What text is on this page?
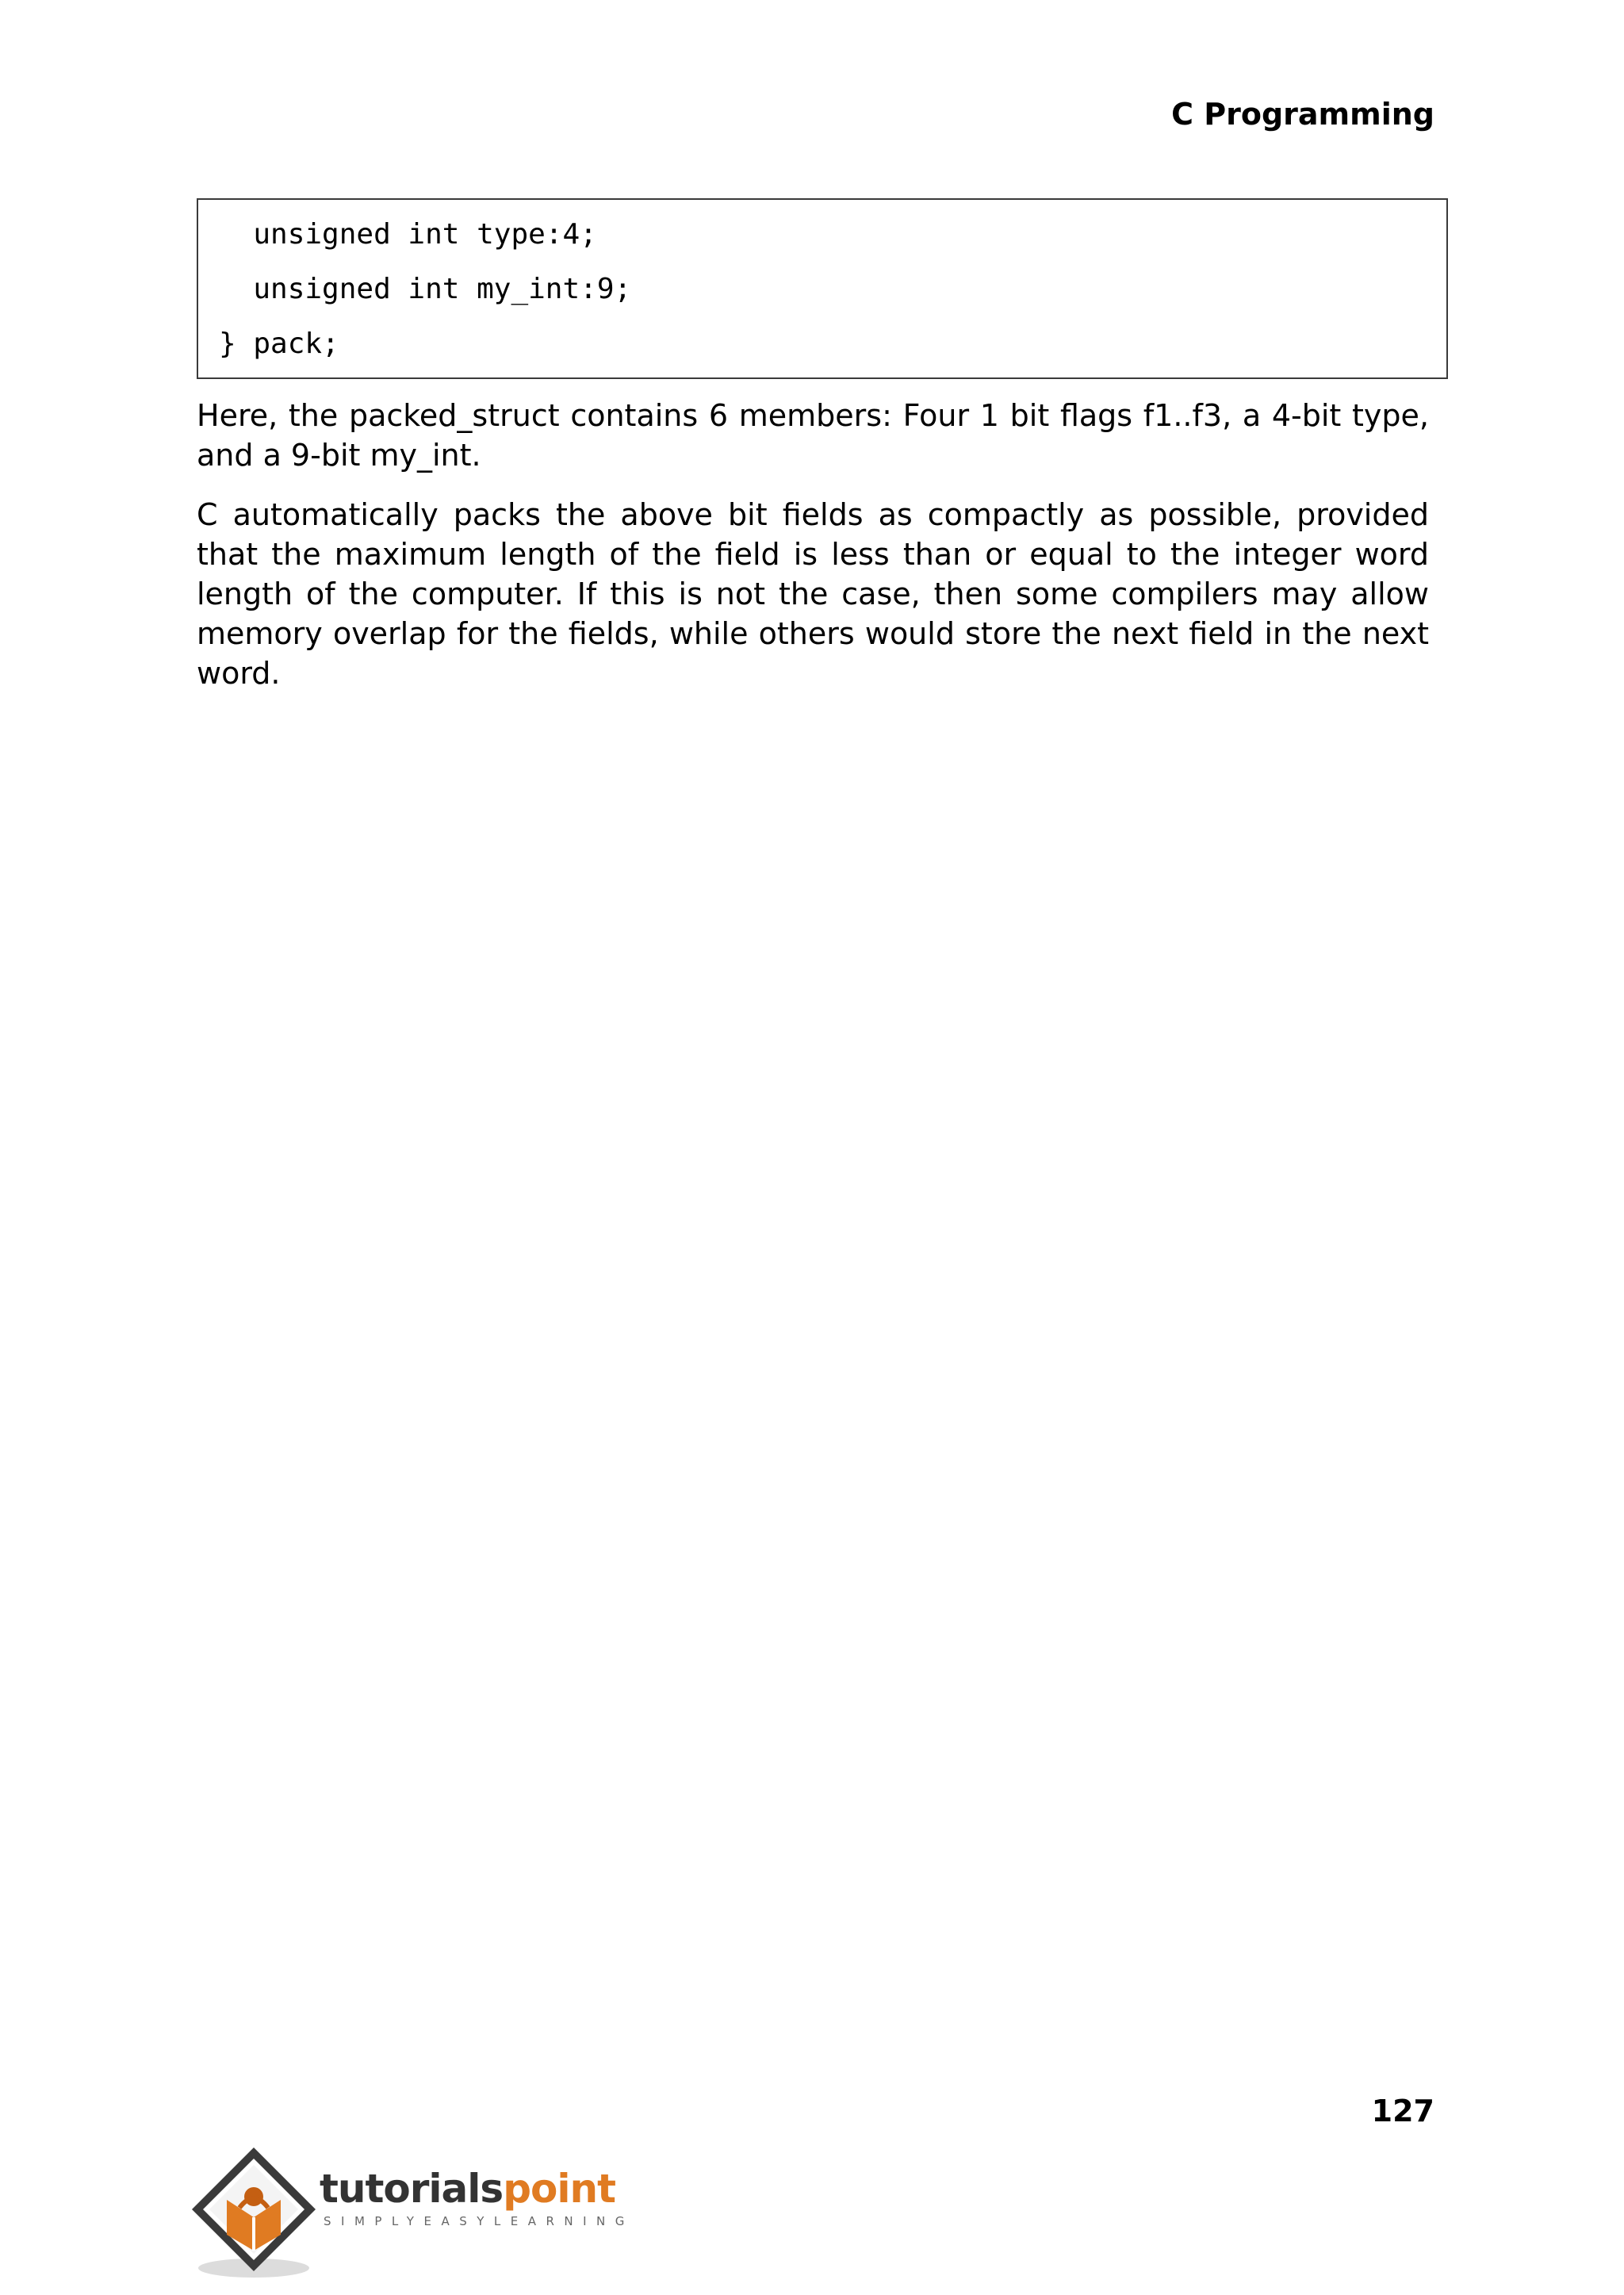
C Programming
unsigned int type:4;
unsigned int my_int:9;
} pack;

Here, the packed_struct contains 6 members: Four 1 bit flags f1..f3, a 4-bit type, and a 9-bit my_int.

C automatically packs the above bit fields as compactly as possible, provided that the maximum length of the field is less than or equal to the integer word length of the computer. If this is not the case, then some compilers may allow memory overlap for the fields, while others would store the next field in the next word.

127
tutorialspoint
SIMPLYEASYLEARNING
